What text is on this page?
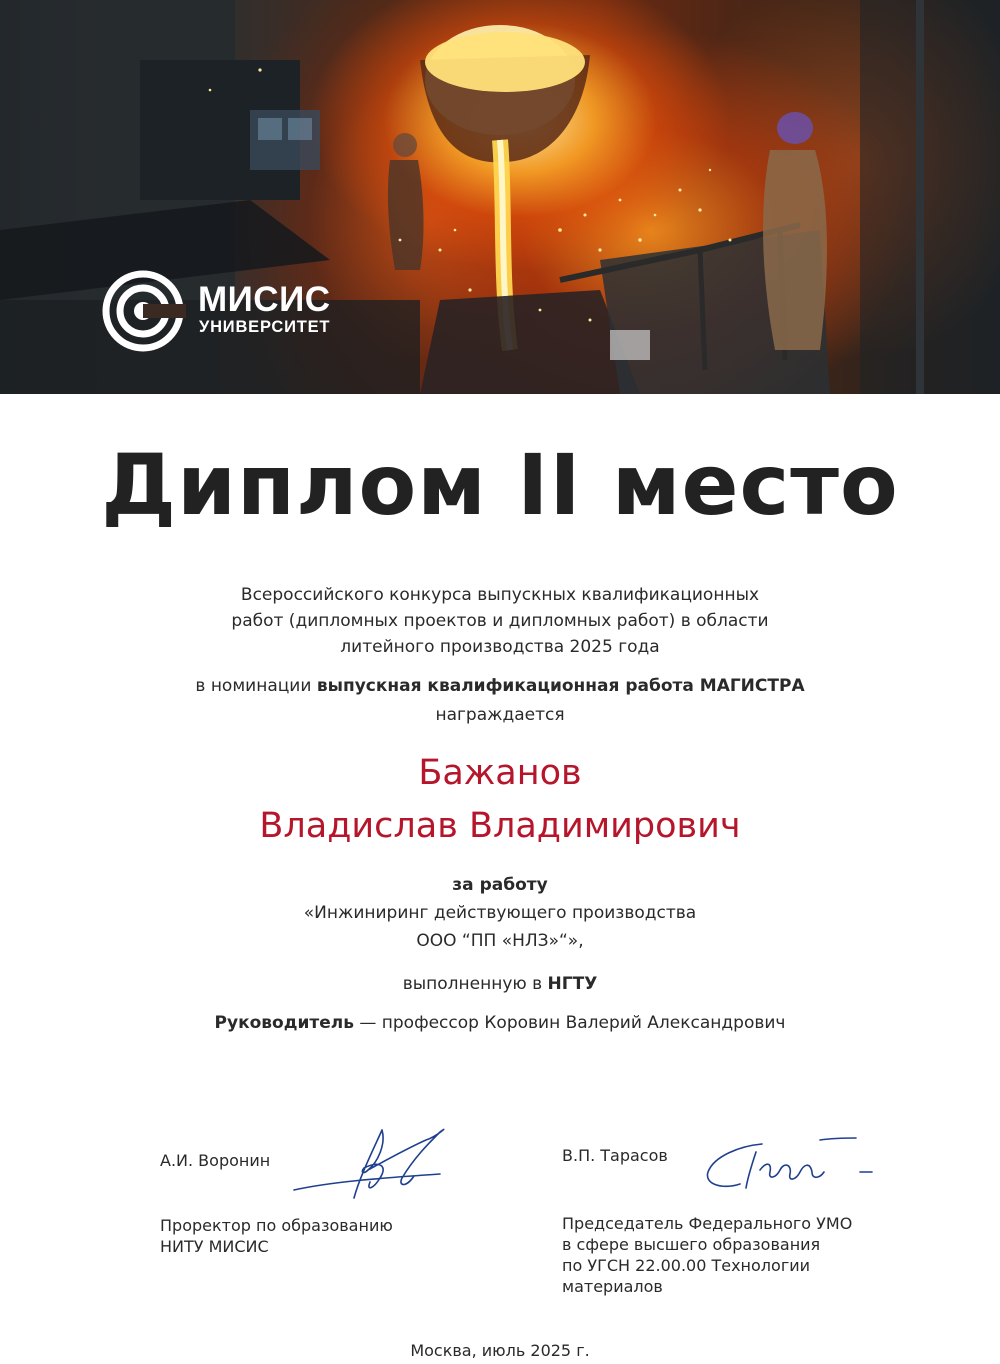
МИСИС
УНИВЕРСИТЕТ
Диплом II место
Всероссийского конкурса выпускных квалификационных
работ (дипломных проектов и дипломных работ) в области
литейного производства 2025 года
в номинации выпускная квалификационная работа МАГИСТРА
награждается
Бажанов
Владислав Владимирович
за работу
«Инжиниринг действующего производства
ООО “ПП «НЛЗ»“»,
выполненную в НГТУ
Руководитель — профессор Коровин Валерий Александрович
А.И. Воронин
Проректор по образованию
НИТУ МИСИС
В.П. Тарасов
Председатель Федерального УМО
в сфере высшего образования
по УГСН 22.00.00 Технологии
материалов
Москва, июль 2025 г.
